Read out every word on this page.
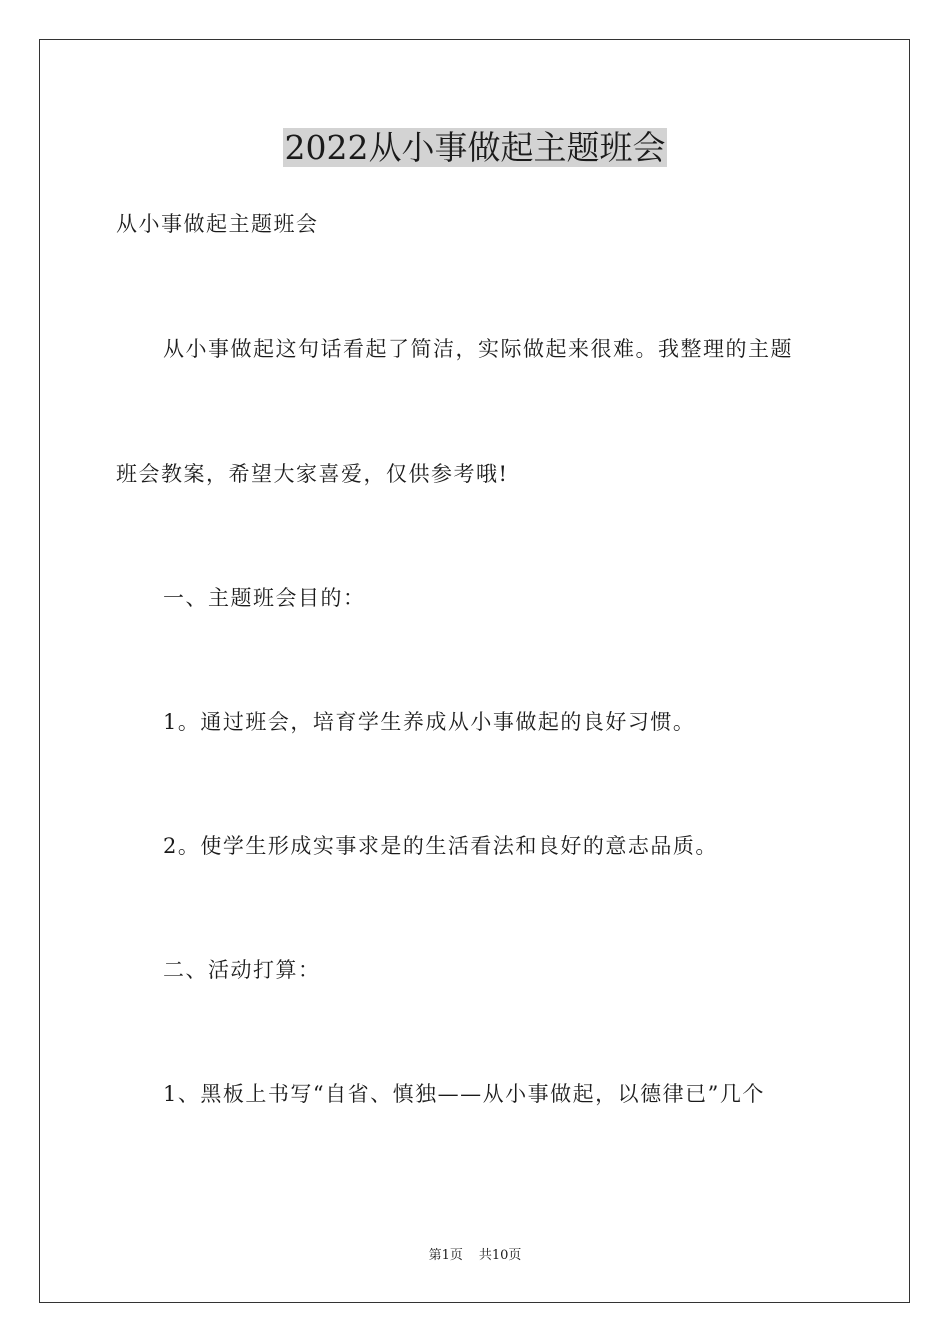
2022从小事做起主题班会

从小事做起主题班会

从小事做起这句话看起了简洁，实际做起来很难。我整理的主题

班会教案，希望大家喜爱，仅供参考哦!

一、主题班会目的：

1。通过班会，培育学生养成从小事做起的良好习惯。

2。使学生形成实事求是的生活看法和良好的意志品质。

二、活动打算：

1、黑板上书写“自省、慎独——从小事做起，以德律已”几个

第1页 共10页
